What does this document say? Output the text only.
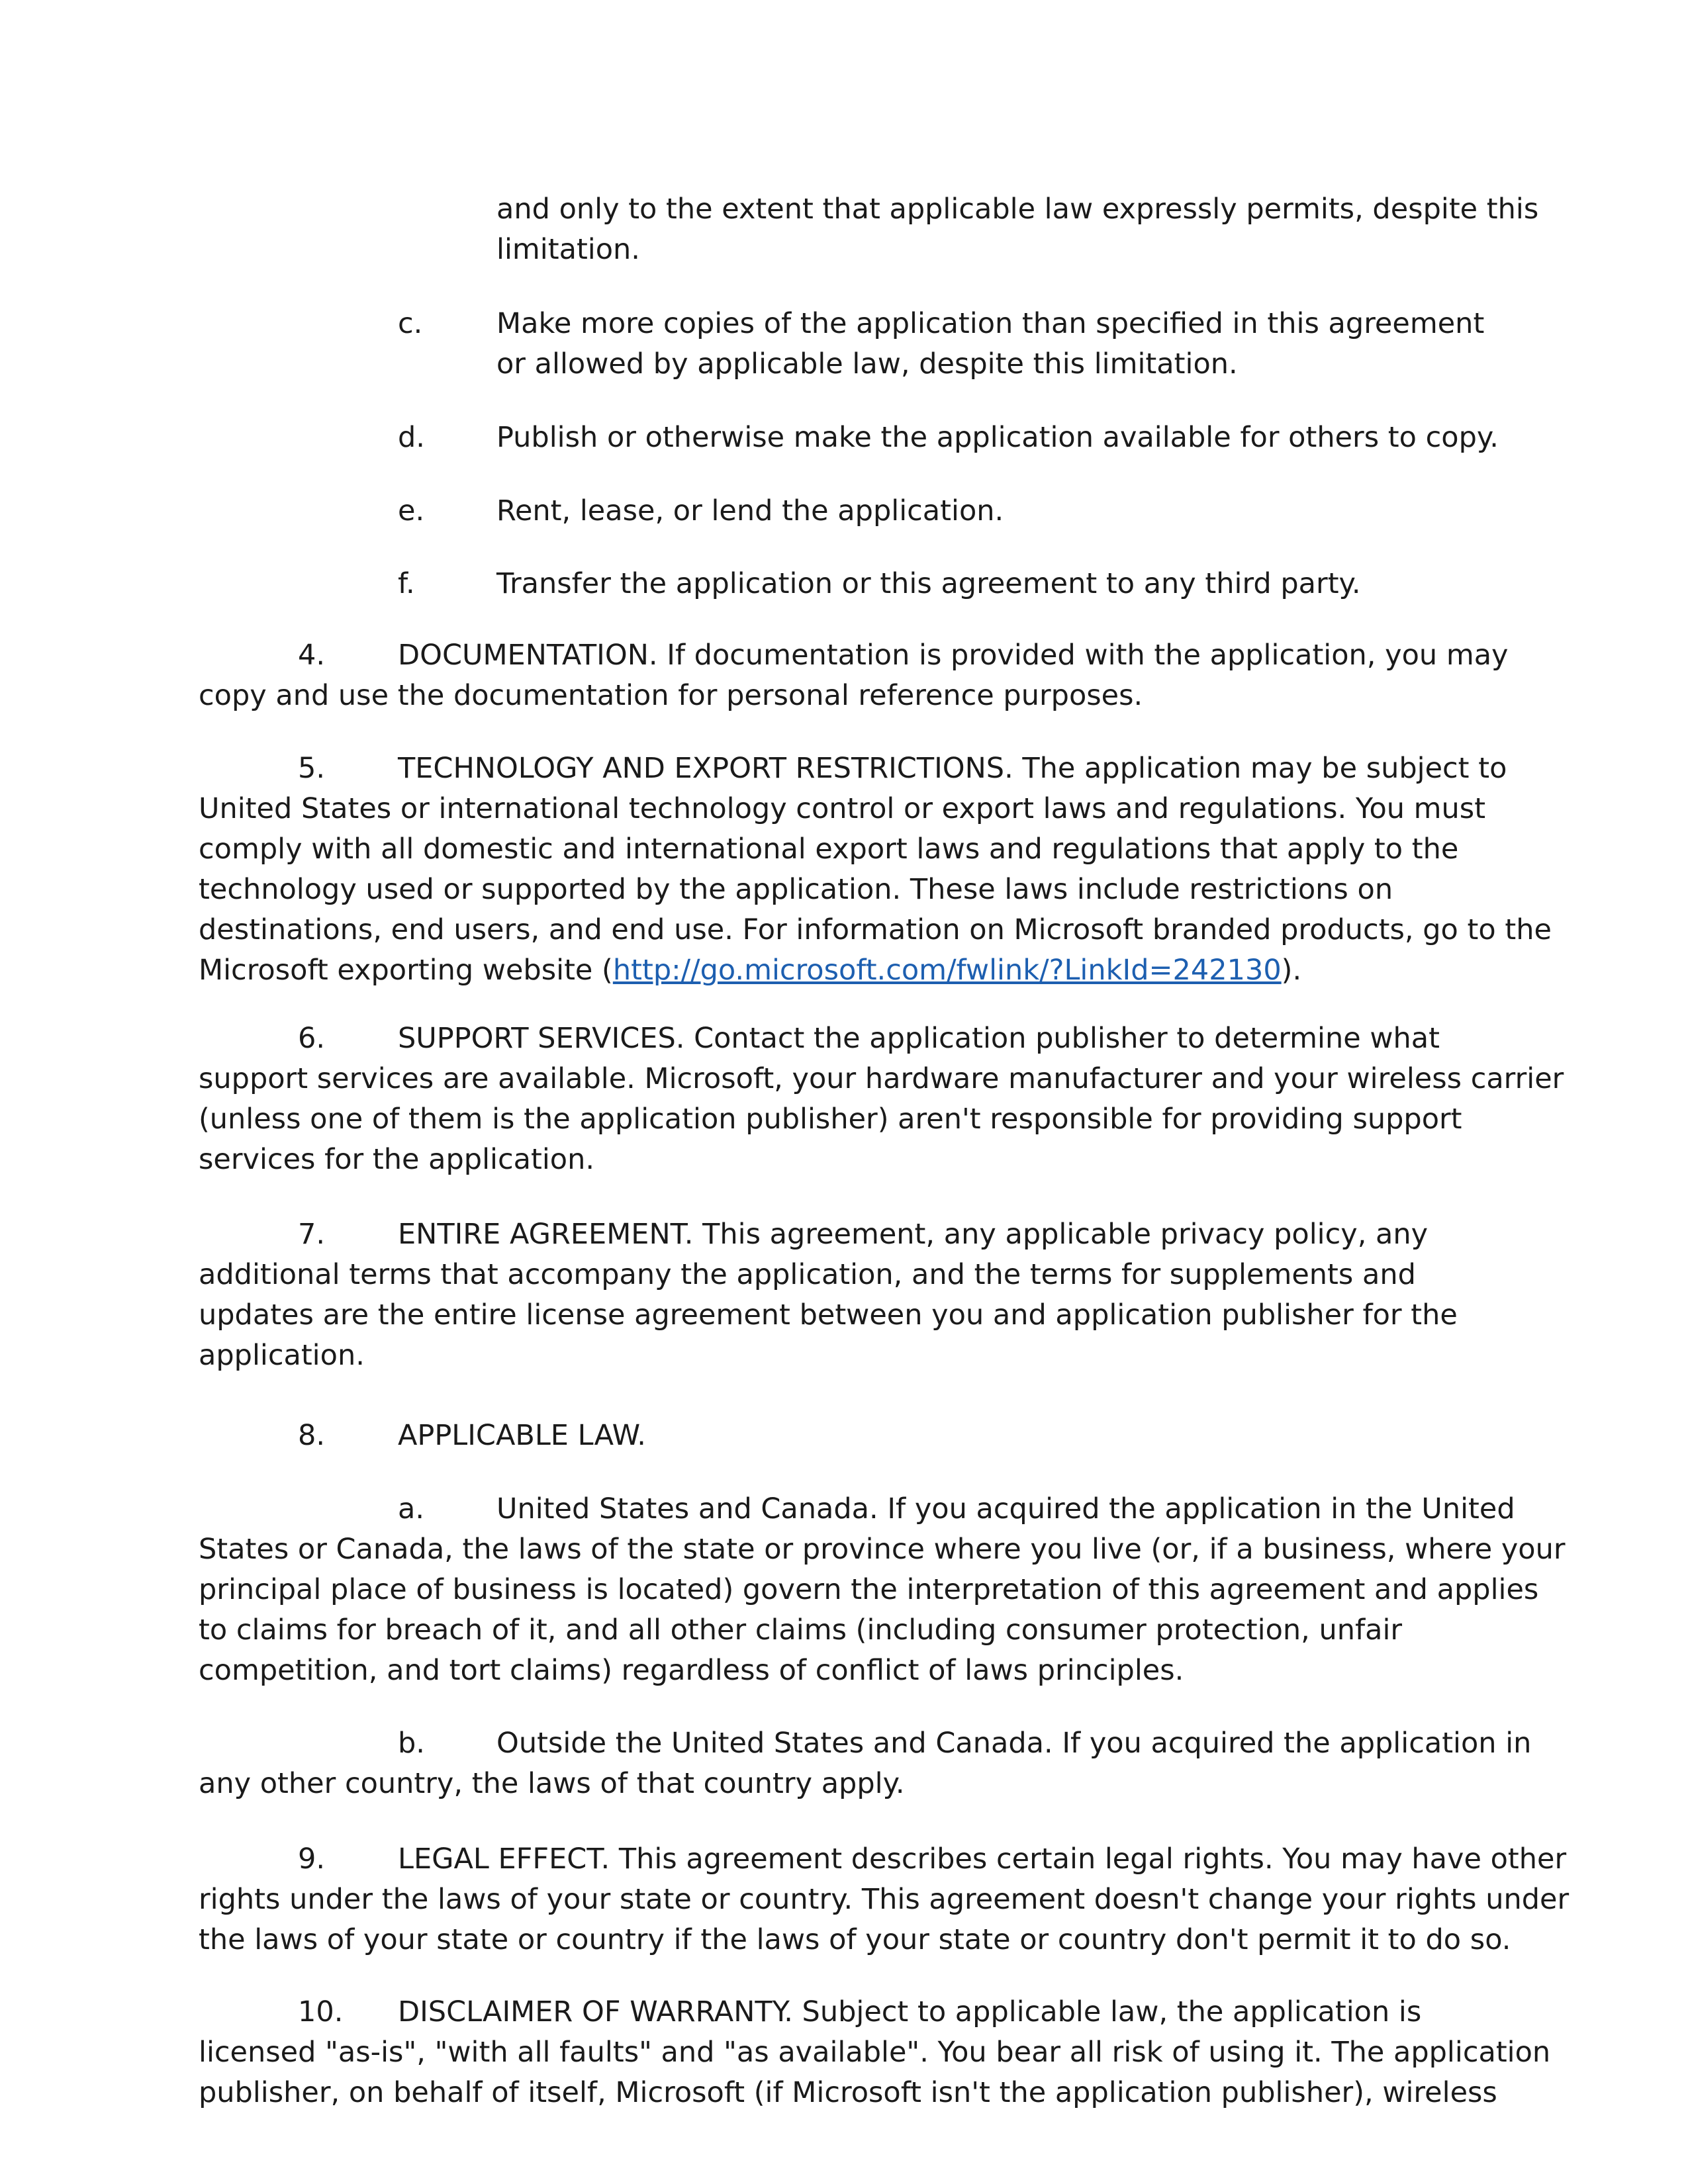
and only to the extent that applicable law expressly permits, despite this
limitation.
c.	Make more copies of the application than specified in this agreement
or allowed by applicable law, despite this limitation.
d.	Publish or otherwise make the application available for others to copy.
e.	Rent, lease, or lend the application.
f.	Transfer the application or this agreement to any third party.
4.	DOCUMENTATION. If documentation is provided with the application, you may
copy and use the documentation for personal reference purposes.
5.	TECHNOLOGY AND EXPORT RESTRICTIONS. The application may be subject to
United States or international technology control or export laws and regulations. You must
comply with all domestic and international export laws and regulations that apply to the
technology used or supported by the application. These laws include restrictions on
destinations, end users, and end use. For information on Microsoft branded products, go to the
Microsoft exporting website (http://go.microsoft.com/fwlink/?LinkId=242130).
6.	SUPPORT SERVICES. Contact the application publisher to determine what
support services are available. Microsoft, your hardware manufacturer and your wireless carrier
(unless one of them is the application publisher) aren't responsible for providing support
services for the application.
7.	ENTIRE AGREEMENT. This agreement, any applicable privacy policy, any
additional terms that accompany the application, and the terms for supplements and
updates are the entire license agreement between you and application publisher for the
application.
8.	APPLICABLE LAW.
a.	United States and Canada. If you acquired the application in the United
States or Canada, the laws of the state or province where you live (or, if a business, where your
principal place of business is located) govern the interpretation of this agreement and applies
to claims for breach of it, and all other claims (including consumer protection, unfair
competition, and tort claims) regardless of conflict of laws principles.
b.	Outside the United States and Canada. If you acquired the application in
any other country, the laws of that country apply.
9.	LEGAL EFFECT. This agreement describes certain legal rights. You may have other
rights under the laws of your state or country. This agreement doesn't change your rights under
the laws of your state or country if the laws of your state or country don't permit it to do so.
10.	DISCLAIMER OF WARRANTY. Subject to applicable law, the application is
licensed "as-is", "with all faults" and "as available". You bear all risk of using it. The application
publisher, on behalf of itself, Microsoft (if Microsoft isn't the application publisher), wireless
